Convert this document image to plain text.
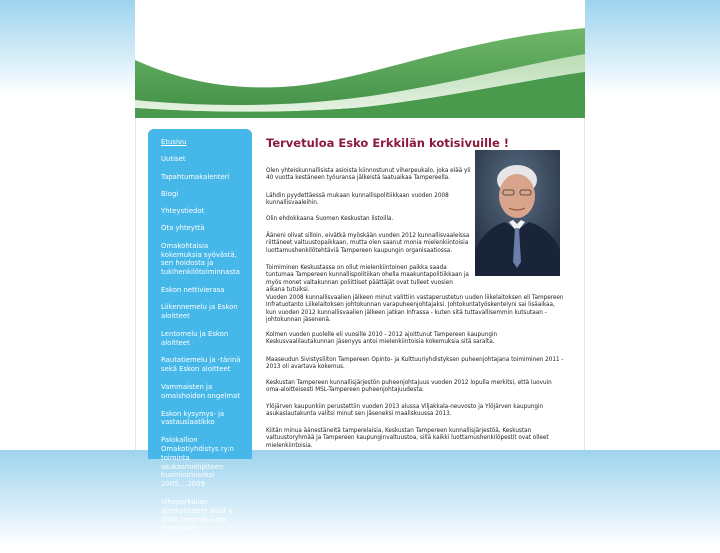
Etusivu
Uutiset
Tapahtumakalenteri
Blogi
Yhteystiedot
Ota yhteyttä
Omakohtaisia kokemuksia syövästä, sen hoidosta ja tukihenkilötoiminnasta
Eskon nettivierasa
Liikennemelu ja Eskon aloitteet
Lentomelu ja Eskon aloitteet
Rautatiemelu ja -tärinä sekä Eskon aloitteet
Vammaisten ja omaishoidon ongelmat
Eskon kysymys- ja vastauslaatikko
Palokallion Omakotiyhdistys ry:n toiminta asukasmielipiteen huomioimiseksi 2005....2009
Viheperkalion ajankohtaiset asiat v. 2009 tammikuusta eteenpäin
Muuta mielenkiintoista
Tervetuloa Esko Erkkilän kotisivuille !

Olen yhteiskunnallisista asioista kiinnostunut viherpeukalo, joka elää yli 40 vuotta kestäneen työuransa jälkeistä laatuaikaa Tampereella.

Lähdin pyydettäessä mukaan kunnallispolitiikkaan vuoden 2008 kunnallisvaaleihin.

Olin ehdokkaana Suomen Keskustan listoilla.

Ääneni olivat silloin, eivätkä myöskään vuoden 2012 kunnallisvaaleissa riittäneet valtuustopaikkaan, mutta olen saanut monia mielenkiintoisia luottamushenkilötehtäviä Tampereen kaupungin organisaatiossa.

Toimiminen Keskustassa on ollut mielenkiintoinen paikka saada tuntumaa Tampereen kunnallispolitiikan ohella maakuntapolitiikkaan ja myös monet valtakunnan poliittiset päättäjät ovat tulleet vuosien aikana tutuiksi.

Vuoden 2008 kunnallisvaalien jälkeen minut valittiin vastaperustetun uuden liikelaitoksen eli Tampereen Infratuotanto Liikelaitoksen johtokunnan varapuheenjohtajaksi. Johtokuntatyöskentelyni sai lisäaikaa, kun vuoden 2012 kunnallisvaalien jälkeen jatkan Infrassa - kuten sitä tuttavallisemmin kutsutaan - johtokunnan jäsenenä.

Kolmen vuoden puolelle eli vuosille 2010 - 2012 ajoittunut Tampereen kaupungin Keskusvaalilautakunnan jäsenyys antoi mielenkiintoisia kokemuksia sitä saralta.

Maaseudun Sivistysliiton Tampereen Opinto- ja Kulttuuriyhdistyksen puheenjohtajana toimiminen 2011 - 2013 oli avartava kokemus.

Keskustan Tampereen kunnallisjärjestön puheenjohtajuus vuoden 2012 lopulla merkitsi, että luovuin oma-aloitteisesti MSL-Tampereen puheenjohtajuudesta.

Ylöjärven kaupunkiin perustettiin vuoden 2013 alussa Viljakkala-neuvosto ja Ylöjärven kaupungin asukaslautakunta valitsi minut sen jäseneksi maaliskuussa 2013.

Kiitän minua äänestäneitä tamperelaisia, Keskustan Tampereen kunnallisjärjestöä, Keskustan valtuustoryhmää ja Tampereen kaupunginvaltuustoa, sillä kaikki luottamushenkilöpestit ovat olleet mielenkiintoisia.
